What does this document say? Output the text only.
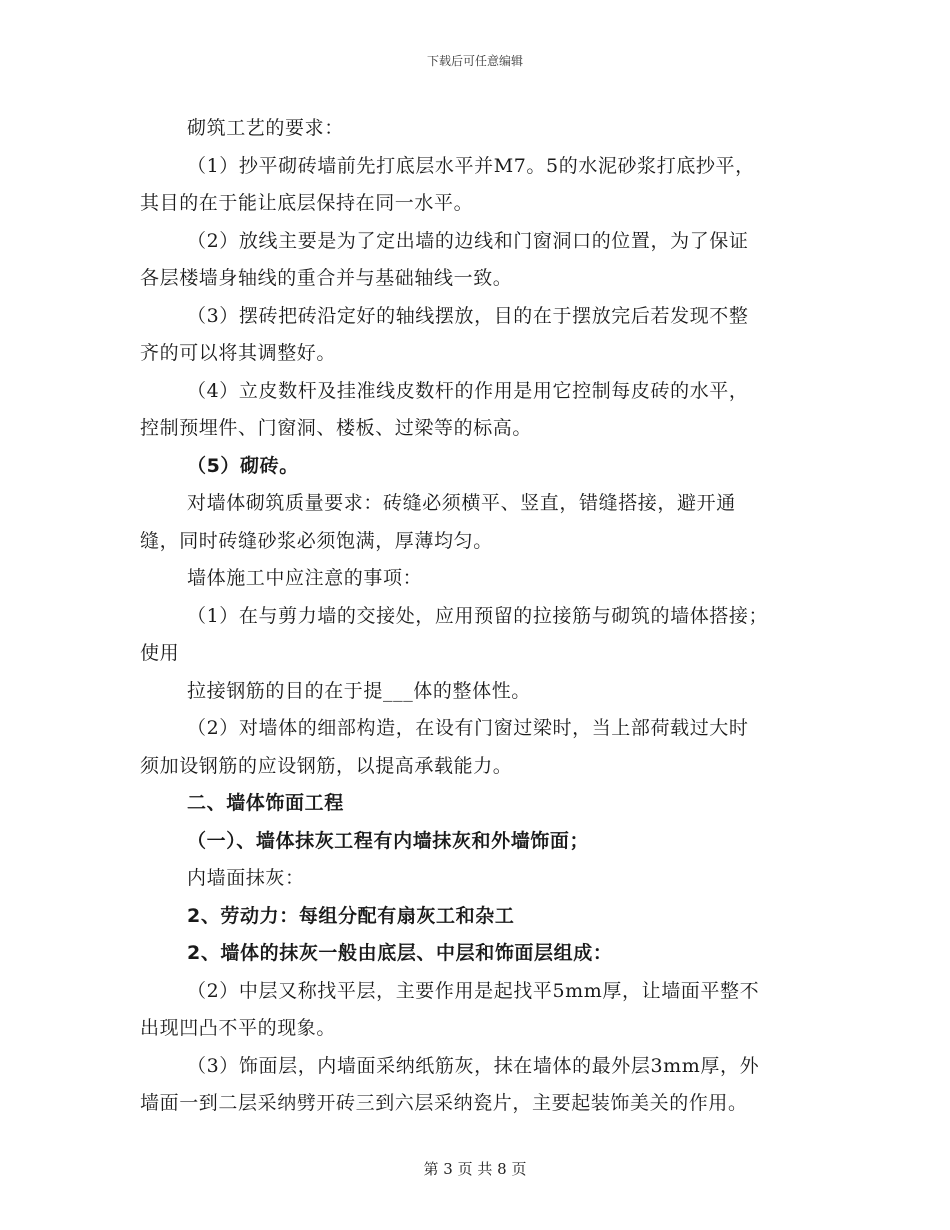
下载后可任意编辑
砌筑工艺的要求：
（1）抄平砌砖墙前先打底层水平并M7。5的水泥砂浆打底抄平，
其目的在于能让底层保持在同一水平。
（2）放线主要是为了定出墙的边线和门窗洞口的位置，为了保证
各层楼墙身轴线的重合并与基础轴线一致。
（3）摆砖把砖沿定好的轴线摆放，目的在于摆放完后若发现不整
齐的可以将其调整好。
（4）立皮数杆及挂准线皮数杆的作用是用它控制每皮砖的水平，
控制预埋件、门窗洞、楼板、过梁等的标高。
（5）砌砖。
对墙体砌筑质量要求：砖缝必须横平、竖直，错缝搭接，避开通
缝，同时砖缝砂浆必须饱满，厚薄均匀。
墙体施工中应注意的事项：
（1）在与剪力墙的交接处，应用预留的拉接筋与砌筑的墙体搭接；
使用
拉接钢筋的目的在于提___体的整体性。
（2）对墙体的细部构造，在设有门窗过梁时，当上部荷载过大时
须加设钢筋的应设钢筋，以提高承载能力。
二、墙体饰面工程
（一）、墙体抹灰工程有内墙抹灰和外墙饰面；
内墙面抹灰：
2、劳动力：每组分配有扇灰工和杂工
2、墙体的抹灰一般由底层、中层和饰面层组成：
（2）中层又称找平层，主要作用是起找平5mm厚，让墙面平整不
出现凹凸不平的现象。
（3）饰面层，内墙面采纳纸筋灰，抹在墙体的最外层3mm厚，外
墙面一到二层采纳劈开砖三到六层采纳瓷片，主要起装饰美关的作用。
第 3 页 共 8 页
